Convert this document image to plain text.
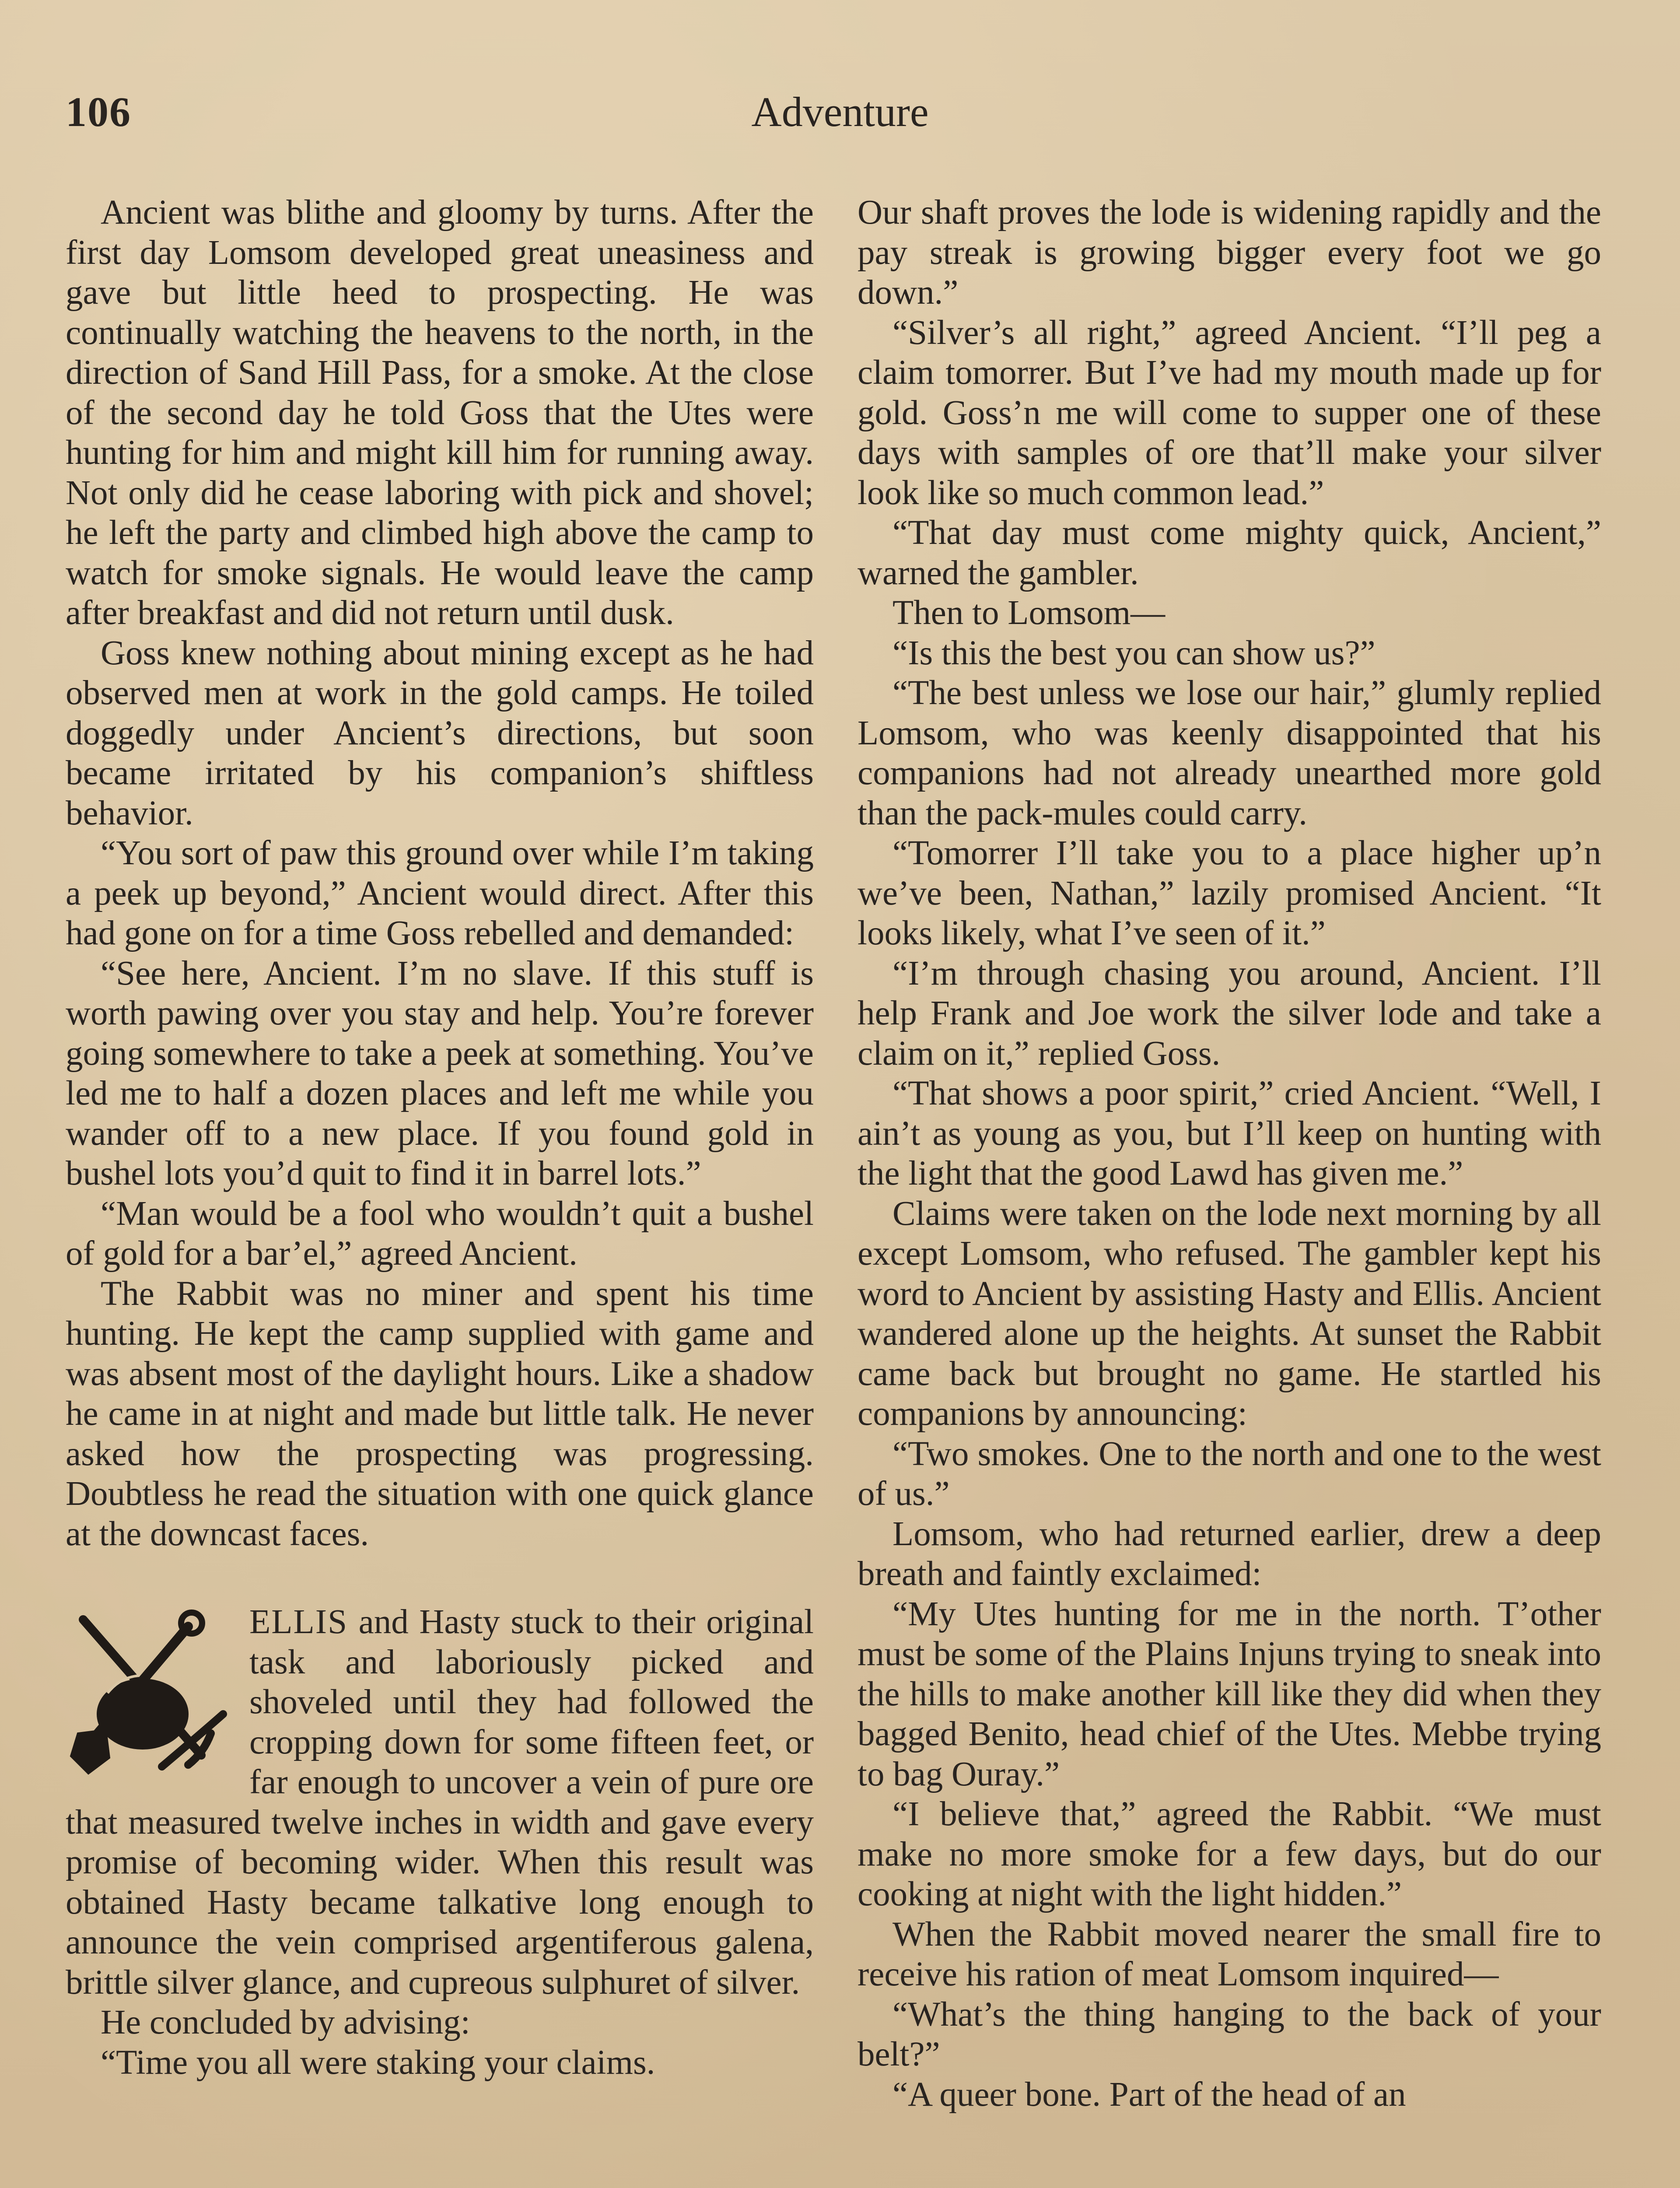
106	Adventure

Ancient was blithe and gloomy by turns. After the first day Lomsom developed great uneasiness and gave but little heed to prospecting. He was continually watching the heavens to the north, in the direction of Sand Hill Pass, for a smoke. At the close of the second day he told Goss that the Utes were hunting for him and might kill him for running away. Not only did he cease laboring with pick and shovel; he left the party and climbed high above the camp to watch for smoke signals. He would leave the camp after breakfast and did not return until dusk.

Goss knew nothing about mining except as he had observed men at work in the gold camps. He toiled doggedly under Ancient’s directions, but soon became irritated by his companion’s shiftless behavior.

“You sort of paw this ground over while I’m taking a peek up beyond,” Ancient would direct. After this had gone on for a time Goss rebelled and demanded:

“See here, Ancient. I’m no slave. If this stuff is worth pawing over you stay and help. You’re forever going somewhere to take a peek at something. You’ve led me to half a dozen places and left me while you wander off to a new place. If you found gold in bushel lots you’d quit to find it in barrel lots.”

“Man would be a fool who wouldn’t quit a bushel of gold for a bar’el,” agreed Ancient.

The Rabbit was no miner and spent his time hunting. He kept the camp supplied with game and was absent most of the daylight hours. Like a shadow he came in at night and made but little talk. He never asked how the prospecting was progressing. Doubtless he read the situation with one quick glance at the downcast faces.

ELLIS and Hasty stuck to their original task and laboriously picked and shoveled until they had followed the cropping down for some fifteen feet, or far enough to uncover a vein of pure ore that measured twelve inches in width and gave every promise of becoming wider. When this result was obtained Hasty became talkative long enough to announce the vein comprised argentiferous galena, brittle silver glance, and cupreous sulphuret of silver.

He concluded by advising:

“Time you all were staking your claims.

Our shaft proves the lode is widening rapidly and the pay streak is growing bigger every foot we go down.”

“Silver’s all right,” agreed Ancient. “I’ll peg a claim tomorrer. But I’ve had my mouth made up for gold. Goss’n me will come to supper one of these days with samples of ore that’ll make your silver look like so much common lead.”

“That day must come mighty quick, Ancient,” warned the gambler.

Then to Lomsom—

“Is this the best you can show us?”

“The best unless we lose our hair,” glumly replied Lomsom, who was keenly disappointed that his companions had not already unearthed more gold than the pack-mules could carry.

“Tomorrer I’ll take you to a place higher up’n we’ve been, Nathan,” lazily promised Ancient. “It looks likely, what I’ve seen of it.”

“I’m through chasing you around, Ancient. I’ll help Frank and Joe work the silver lode and take a claim on it,” replied Goss.

“That shows a poor spirit,” cried Ancient. “Well, I ain’t as young as you, but I’ll keep on hunting with the light that the good Lawd has given me.”

Claims were taken on the lode next morning by all except Lomsom, who refused. The gambler kept his word to Ancient by assisting Hasty and Ellis. Ancient wandered alone up the heights. At sunset the Rabbit came back but brought no game. He startled his companions by announcing:

“Two smokes. One to the north and one to the west of us.”

Lomsom, who had returned earlier, drew a deep breath and faintly exclaimed:

“My Utes hunting for me in the north. T’other must be some of the Plains Injuns trying to sneak into the hills to make another kill like they did when they bagged Benito, head chief of the Utes. Mebbe trying to bag Ouray.”

“I believe that,” agreed the Rabbit. “We must make no more smoke for a few days, but do our cooking at night with the light hidden.”

When the Rabbit moved nearer the small fire to receive his ration of meat Lomsom inquired—

“What’s the thing hanging to the back of your belt?”

“A queer bone. Part of the head of an
